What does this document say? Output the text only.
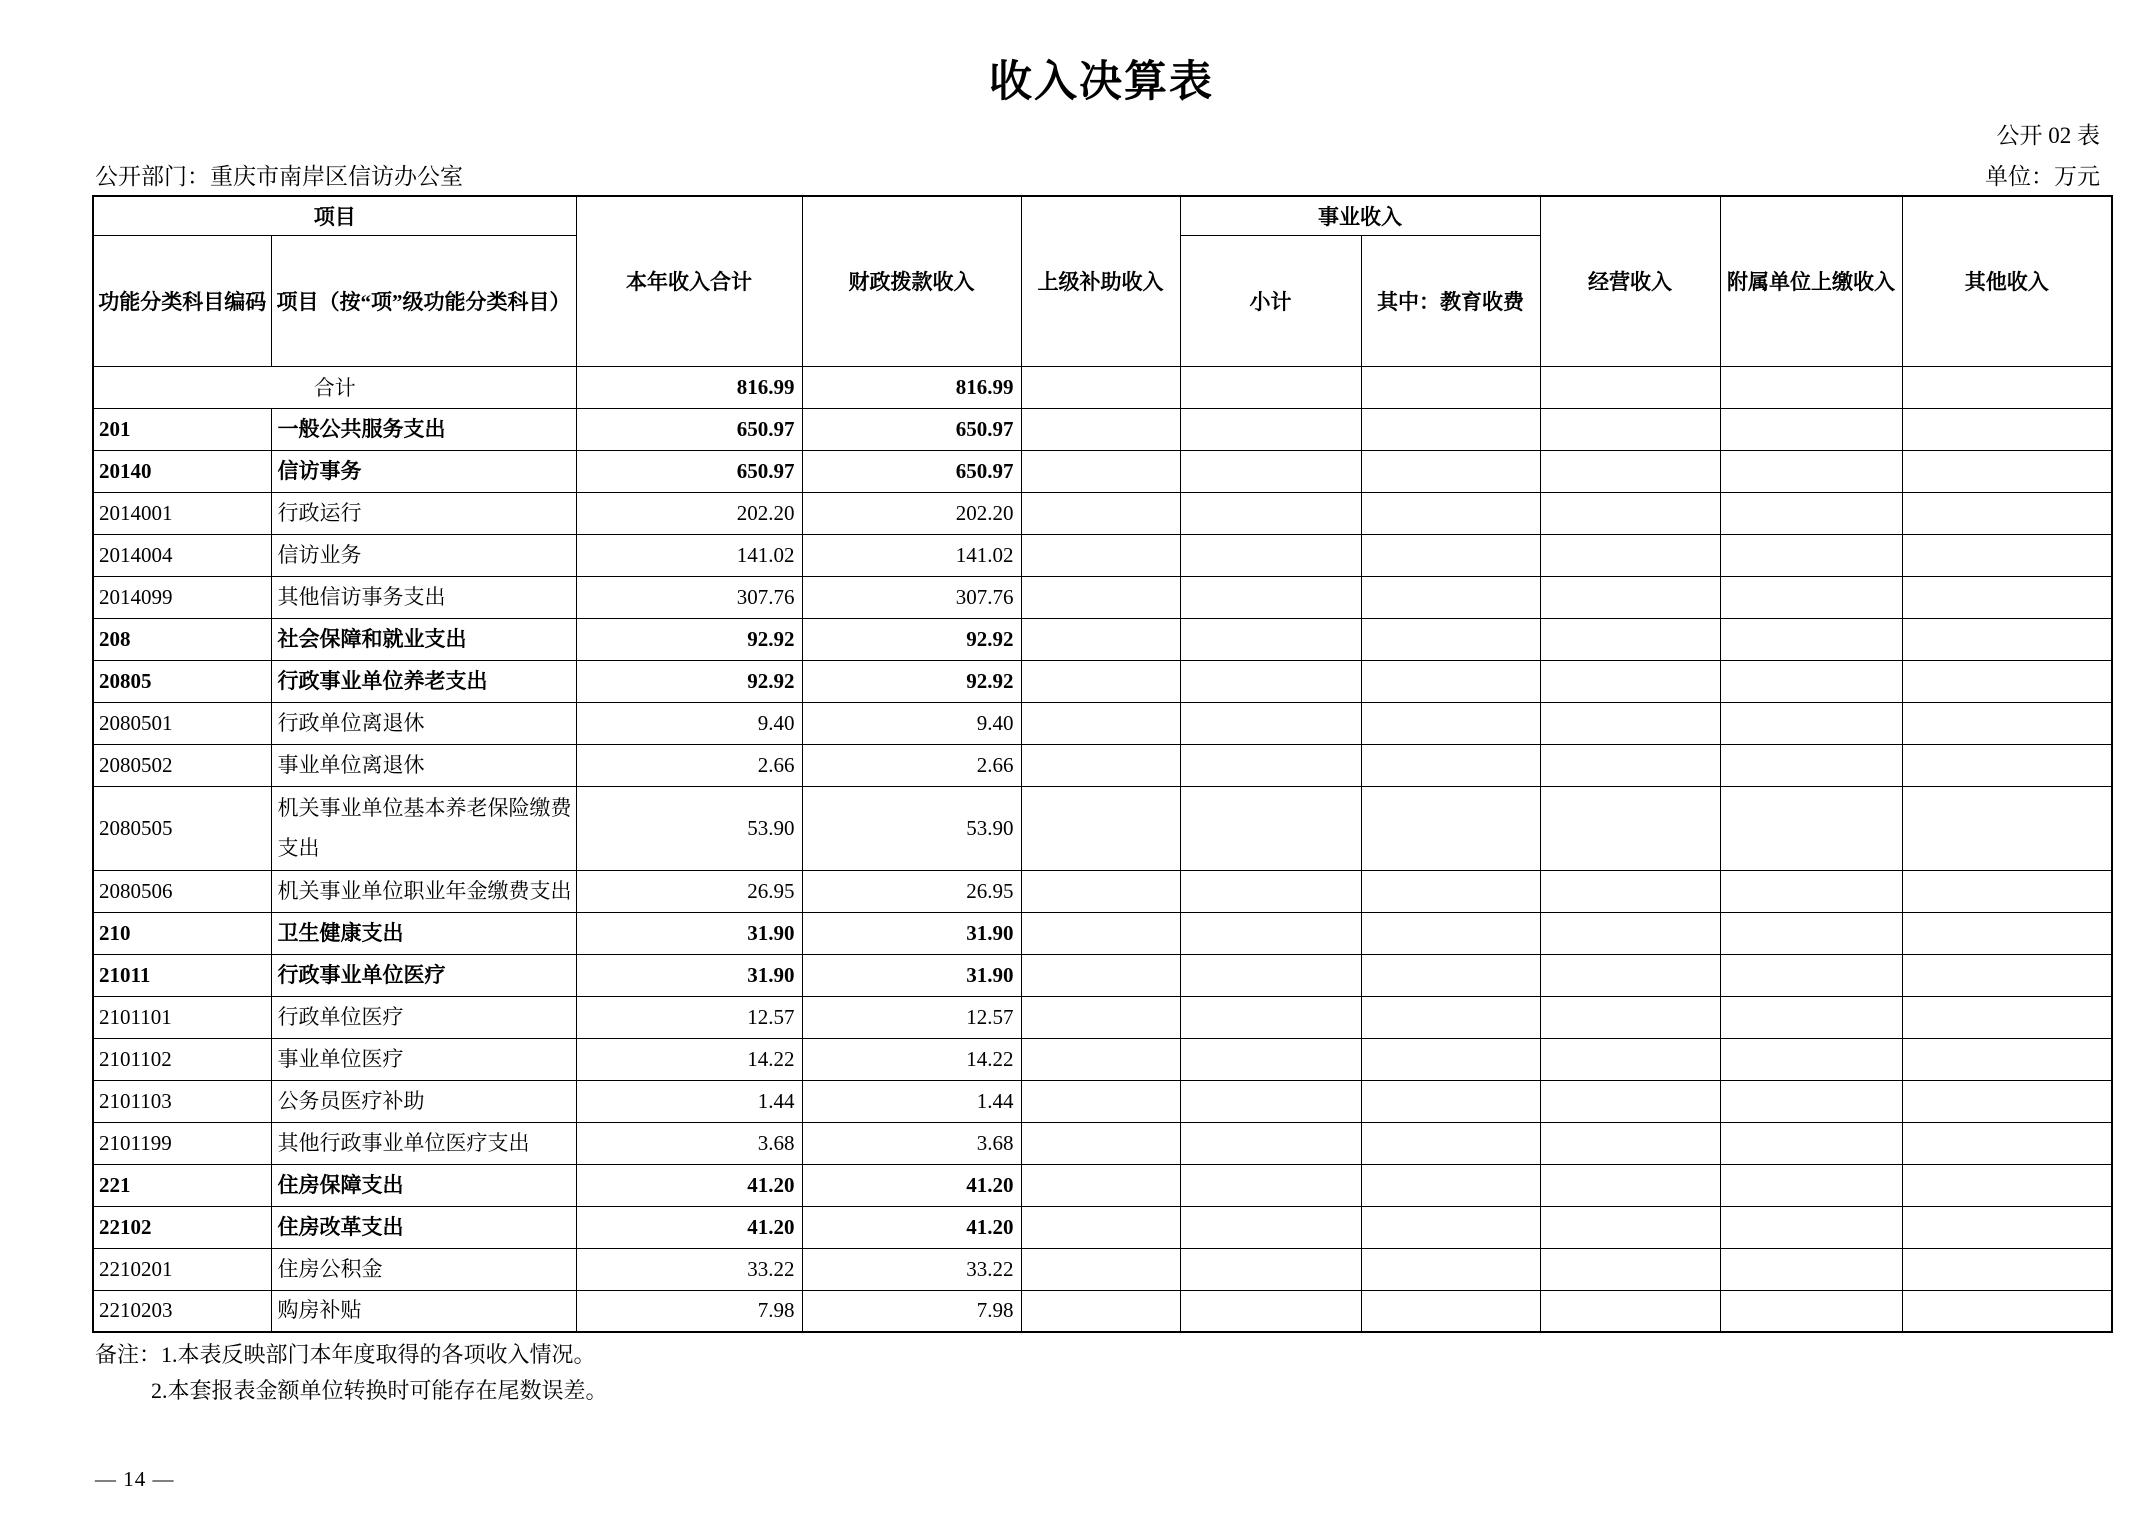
收入决算表
公开 02 表
公开部门：重庆市南岸区信访办公室	单位：万元
项目		本年收入合计	财政拨款收入	上级补助收入	事业收入		经营收入	附属单位上缴收入	其他收入
功能分类科目编码	项目（按“项”级功能分类科目）				小计	其中：教育收费			
合计		816.99	816.99						
201	一般公共服务支出	650.97	650.97						
20140	信访事务	650.97	650.97						
2014001	行政运行	202.20	202.20						
2014004	信访业务	141.02	141.02						
2014099	其他信访事务支出	307.76	307.76						
208	社会保障和就业支出	92.92	92.92						
20805	行政事业单位养老支出	92.92	92.92						
2080501	行政单位离退休	9.40	9.40						
2080502	事业单位离退休	2.66	2.66						
2080505	机关事业单位基本养老保险缴费支出	53.90	53.90						
2080506	机关事业单位职业年金缴费支出	26.95	26.95						
210	卫生健康支出	31.90	31.90						
21011	行政事业单位医疗	31.90	31.90						
2101101	行政单位医疗	12.57	12.57						
2101102	事业单位医疗	14.22	14.22						
2101103	公务员医疗补助	1.44	1.44						
2101199	其他行政事业单位医疗支出	3.68	3.68						
221	住房保障支出	41.20	41.20						
22102	住房改革支出	41.20	41.20						
2210201	住房公积金	33.22	33.22						
2210203	购房补贴	7.98	7.98						
备注：1.本表反映部门本年度取得的各项收入情况。
2.本套报表金额单位转换时可能存在尾数误差。
— 14 —
